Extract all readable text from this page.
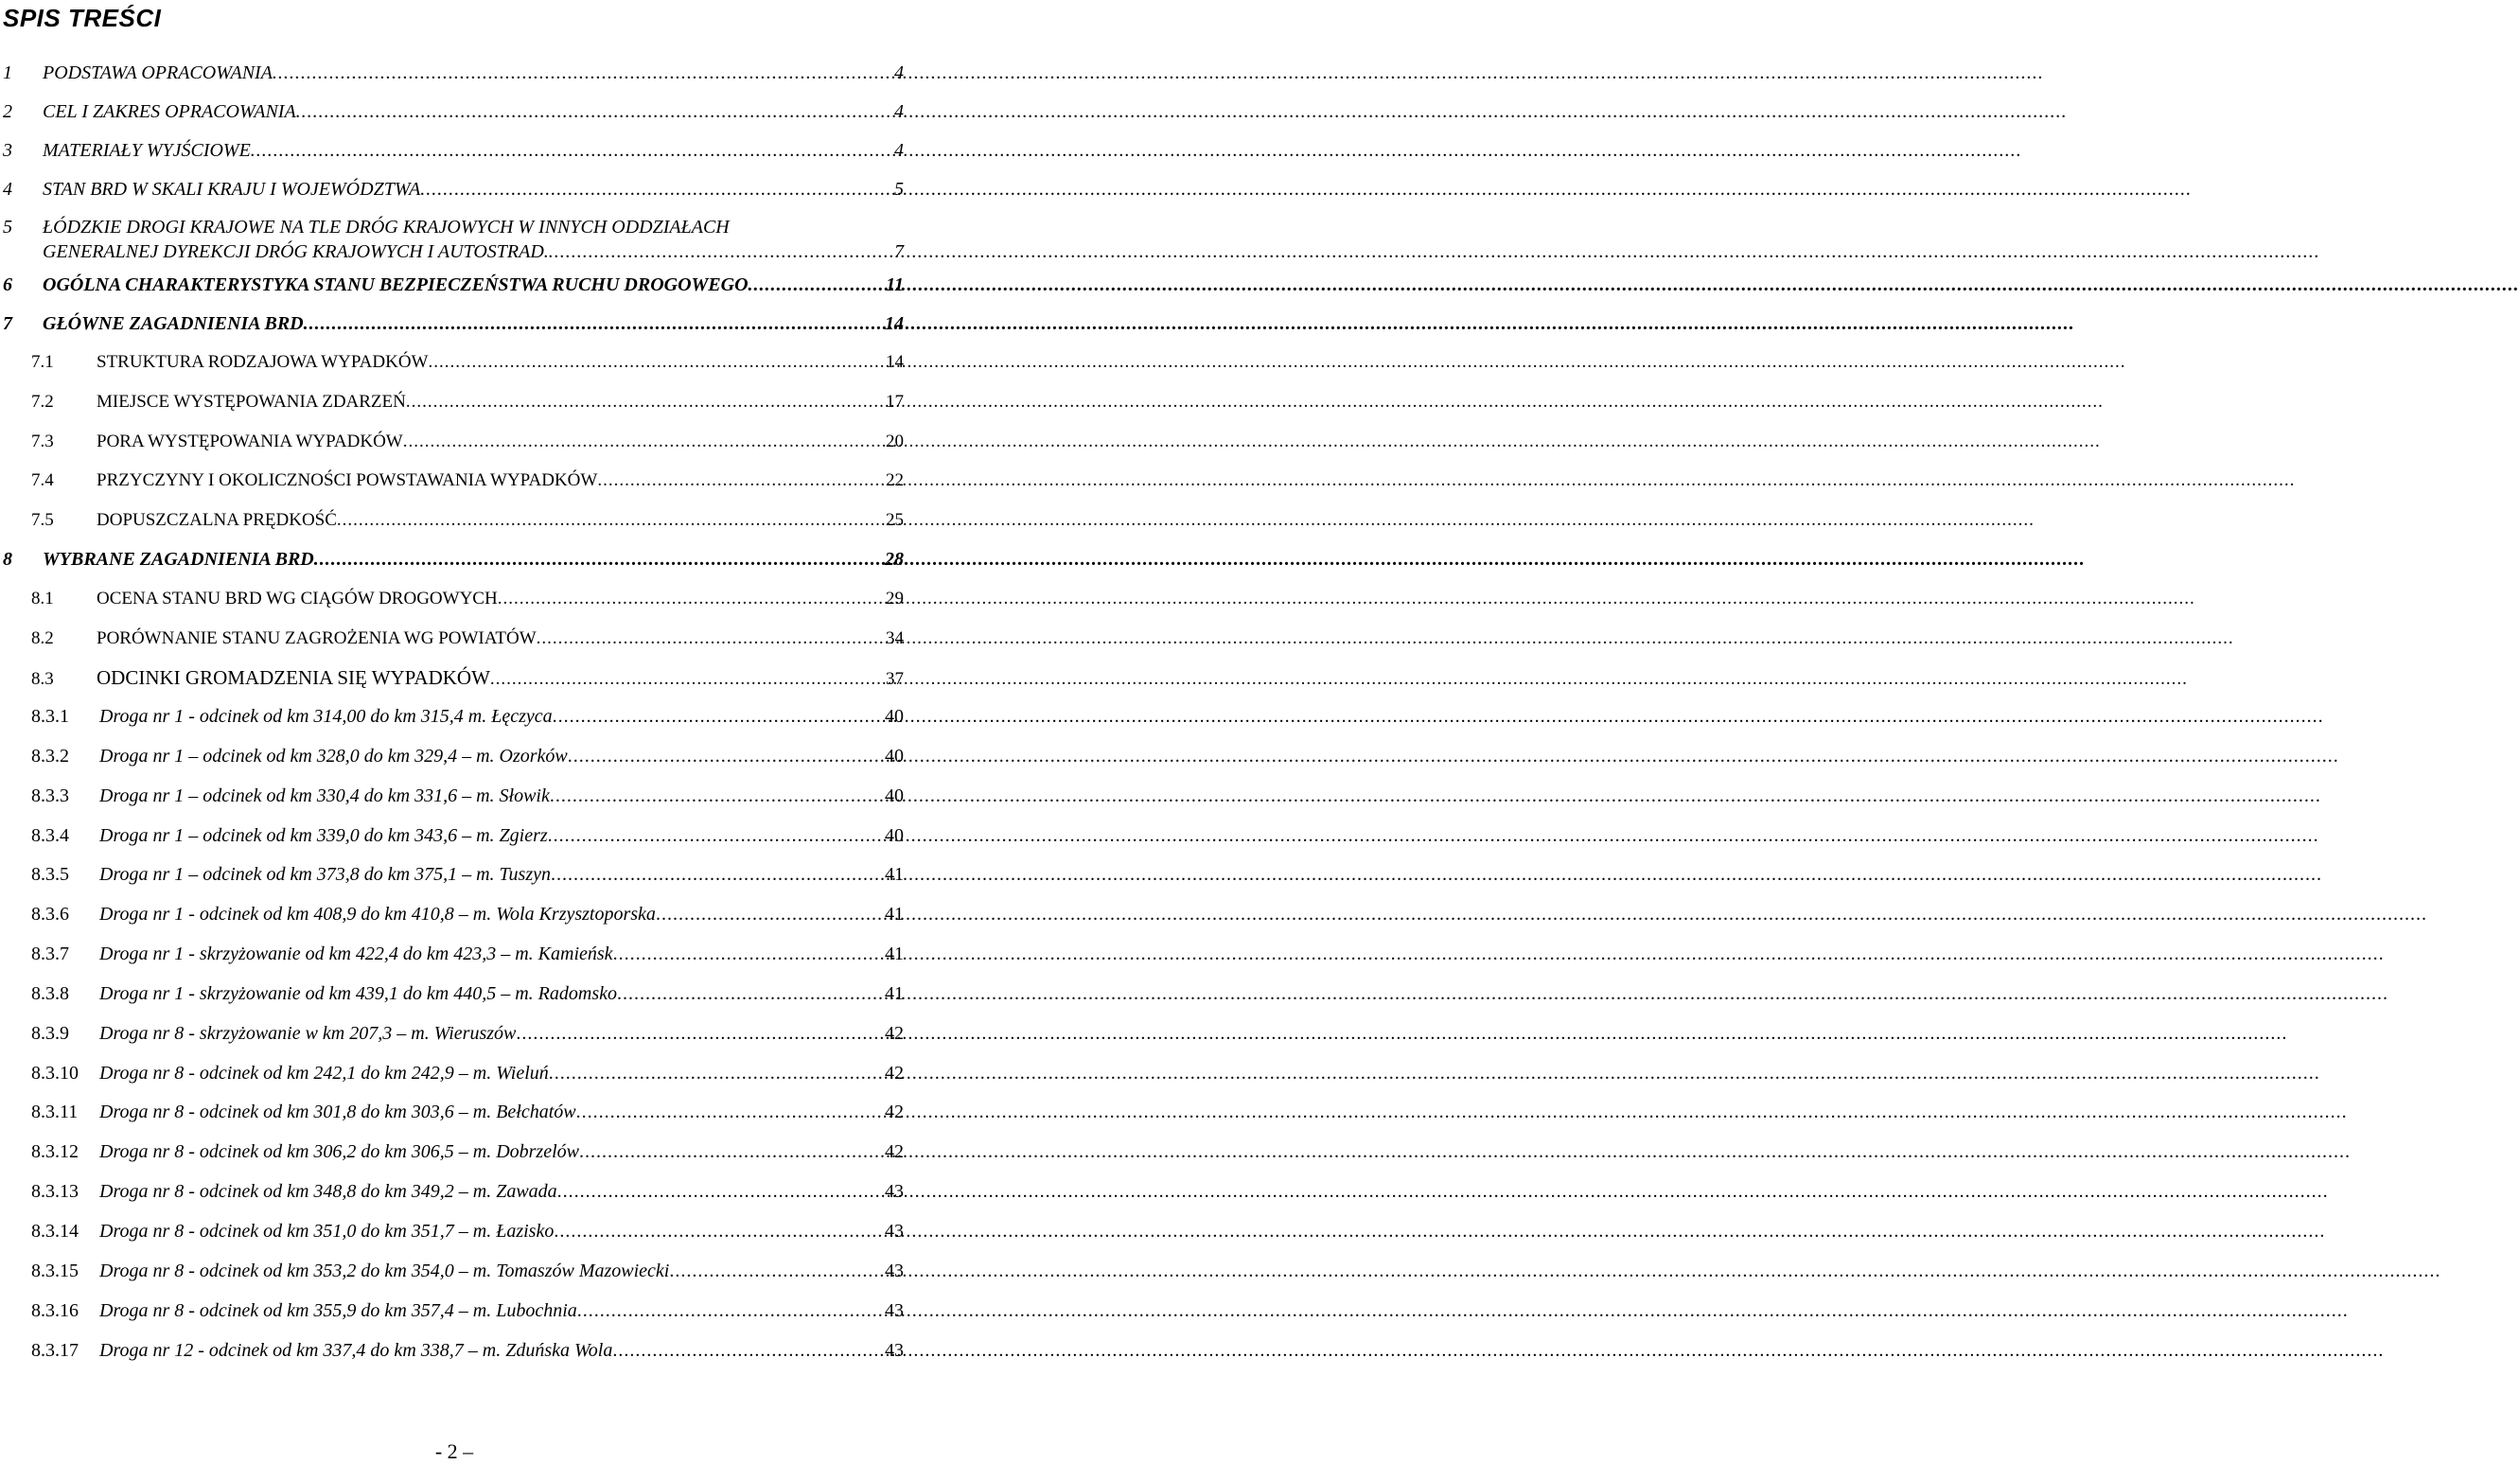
SPIS TREŚCI
1	PODSTAWA OPRACOWANIA .....	4
2	CEL I ZAKRES OPRACOWANIA .....	4
3	MATERIAŁY WYJŚCIOWE .....	4
4	STAN BRD W SKALI KRAJU I WOJEWÓDZTWA .....	5
5	ŁÓDZKIE DROGI KRAJOWE NA TLE DRÓG KRAJOWYCH W INNYCH ODDZIAŁACH
GENERALNEJ DYREKCJI DRÓG KRAJOWYCH I AUTOSTRAD. .....	7
6	OGÓLNA CHARAKTERYSTYKA STANU BEZPIECZEŃSTWA RUCHU DROGOWEGO .....	11
7	GŁÓWNE ZAGADNIENIA BRD .....	14
7.1	STRUKTURA RODZAJOWA WYPADKÓW .....	14
7.2	MIEJSCE WYSTĘPOWANIA ZDARZEŃ .....	17
7.3	PORA WYSTĘPOWANIA WYPADKÓW .....	20
7.4	PRZYCZYNY I OKOLICZNOŚCI POWSTAWANIA WYPADKÓW .....	22
7.5	DOPUSZCZALNA PRĘDKOŚĆ .....	25
8	WYBRANE ZAGADNIENIA BRD .....	28
8.1	OCENA STANU BRD WG CIĄGÓW DROGOWYCH .....	29
8.2	PORÓWNANIE STANU ZAGROŻENIA WG POWIATÓW .....	34
8.3	ODCINKI GROMADZENIA SIĘ WYPADKÓW .....	37
8.3.1	Droga nr 1 - odcinek od km 314,00 do km 315,4 m. Łęczyca .....	40
8.3.2	Droga nr 1 – odcinek od km 328,0 do km 329,4 – m. Ozorków .....	40
8.3.3	Droga nr 1 – odcinek od km 330,4 do km 331,6 – m. Słowik .....	40
8.3.4	Droga nr 1 – odcinek od km 339,0 do km 343,6 – m. Zgierz .....	40
8.3.5	Droga nr 1 – odcinek od km 373,8 do km 375,1 – m. Tuszyn .....	41
8.3.6	Droga nr 1 - odcinek od km 408,9 do km 410,8 – m. Wola Krzysztoporska .....	41
8.3.7	Droga nr 1 - skrzyżowanie od km 422,4 do km 423,3 – m. Kamieńsk .....	41
8.3.8	Droga nr 1 - skrzyżowanie od km 439,1 do km 440,5 – m. Radomsko .....	41
8.3.9	Droga nr 8 - skrzyżowanie w km 207,3 – m. Wieruszów .....	42
8.3.10	Droga nr 8 - odcinek od km 242,1 do km 242,9 – m. Wieluń .....	42
8.3.11	Droga nr 8 - odcinek od km 301,8 do km 303,6 – m. Bełchatów .....	42
8.3.12	Droga nr 8 - odcinek od km 306,2 do km 306,5 – m. Dobrzelów .....	42
8.3.13	Droga nr 8 - odcinek od km 348,8 do km 349,2 – m. Zawada .....	43
8.3.14	Droga nr 8 - odcinek od km 351,0 do km 351,7 – m. Łazisko .....	43
8.3.15	Droga nr 8 - odcinek od km 353,2 do km 354,0 – m. Tomaszów Mazowiecki .....	43
8.3.16	Droga nr 8 - odcinek od km 355,9 do km 357,4 – m. Lubochnia .....	43
8.3.17	Droga nr 12 - odcinek od km 337,4 do km 338,7 – m. Zduńska Wola .....	43
- 2 –
